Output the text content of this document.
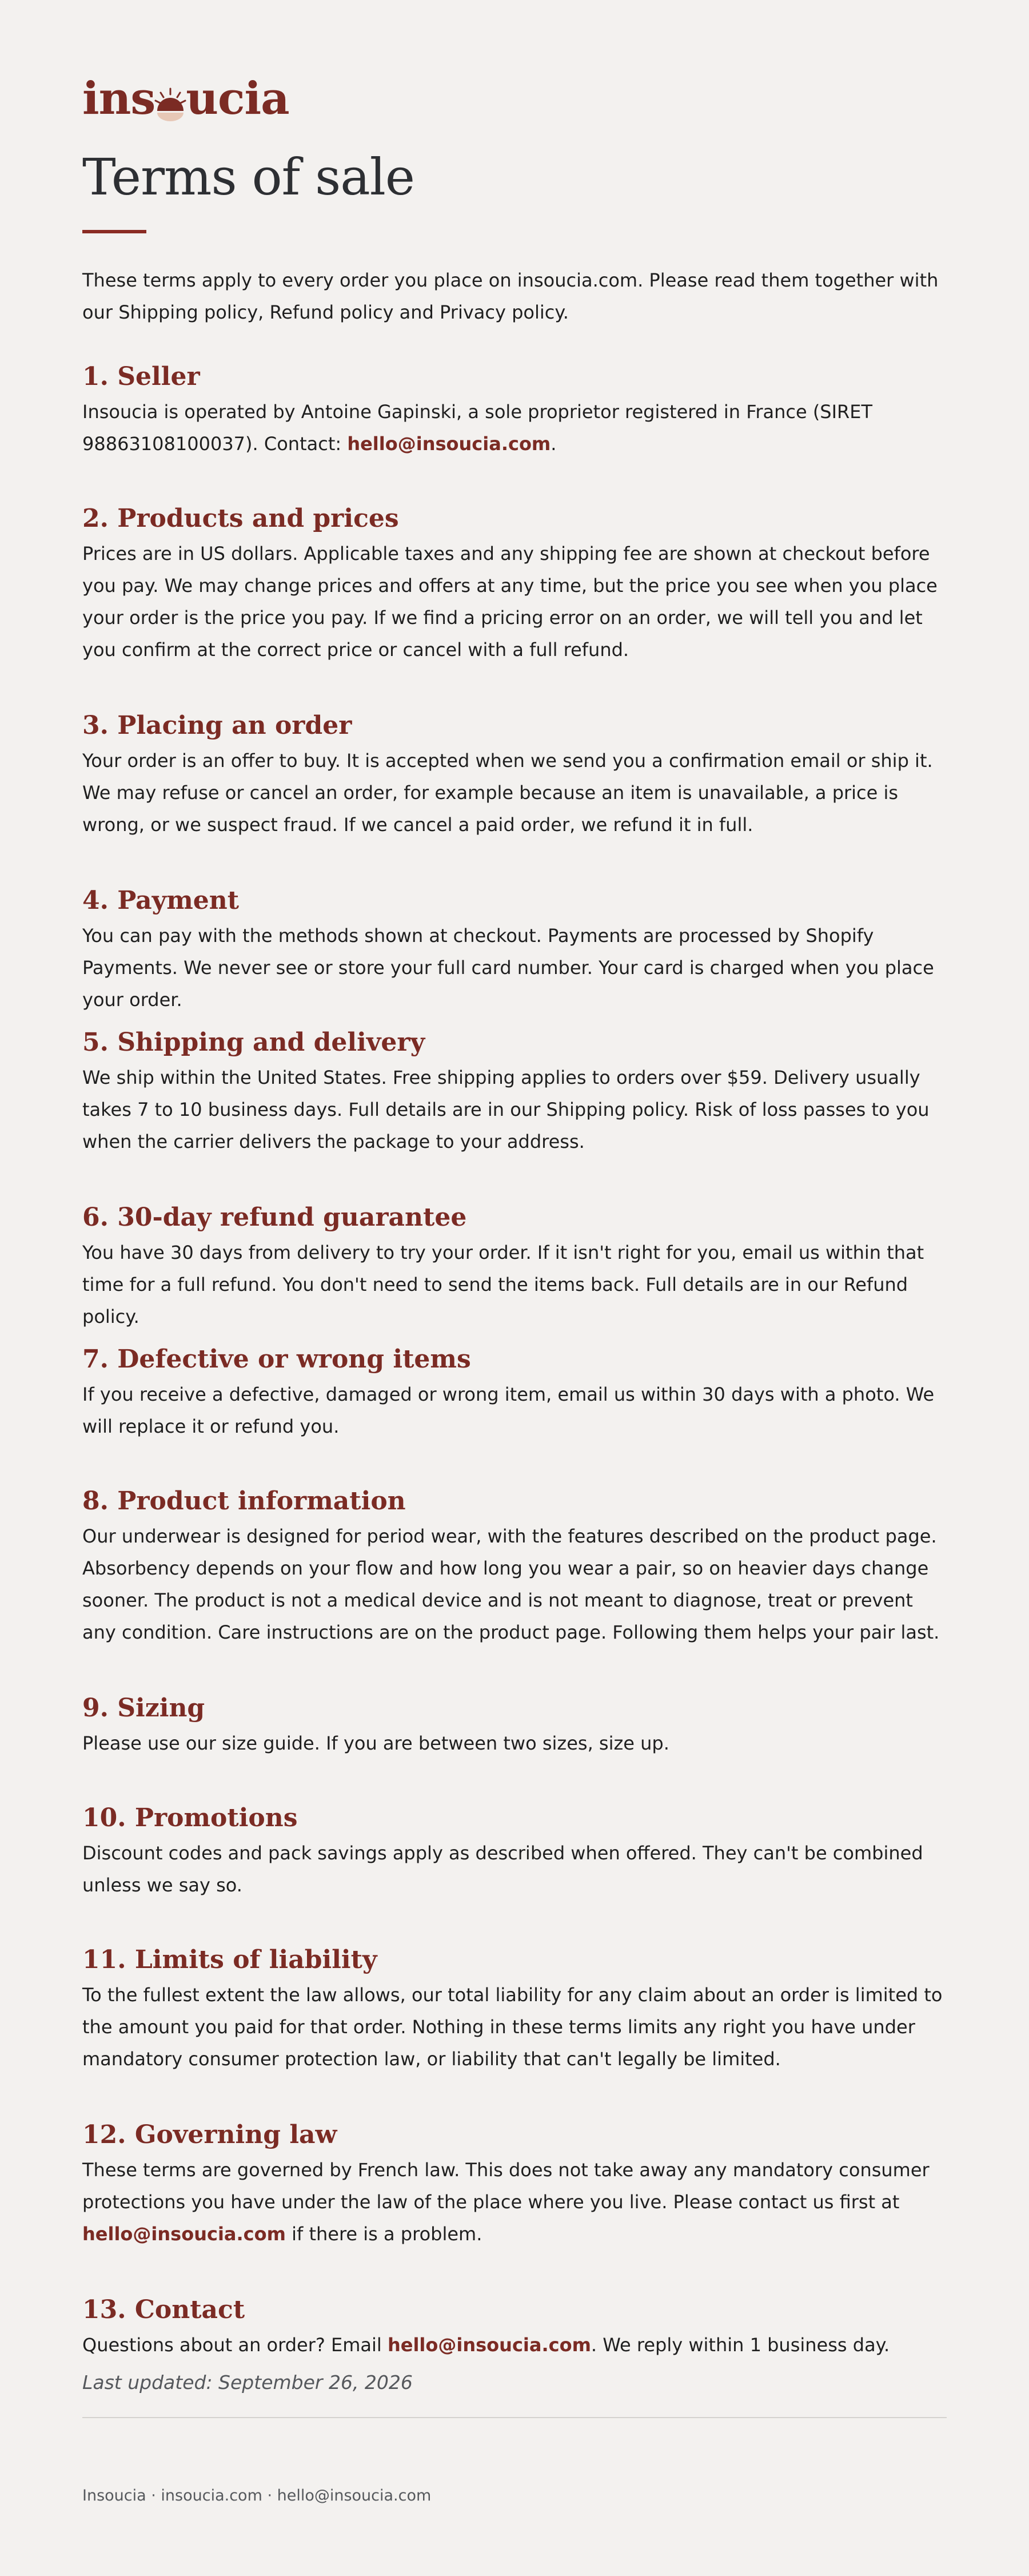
ins ucia
Terms of sale

These terms apply to every order you place on insoucia.com. Please read them together with our Shipping policy, Refund policy and Privacy policy.

1. Seller

Insoucia is operated by Antoine Gapinski, a sole proprietor registered in France (SIRET 98863108100037). Contact: hello@insoucia.com.

2. Products and prices

Prices are in US dollars. Applicable taxes and any shipping fee are shown at checkout before you pay. We may change prices and offers at any time, but the price you see when you place your order is the price you pay. If we find a pricing error on an order, we will tell you and let you confirm at the correct price or cancel with a full refund.

3. Placing an order

Your order is an offer to buy. It is accepted when we send you a confirmation email or ship it. We may refuse or cancel an order, for example because an item is unavailable, a price is wrong, or we suspect fraud. If we cancel a paid order, we refund it in full.

4. Payment

You can pay with the methods shown at checkout. Payments are processed by Shopify Payments. We never see or store your full card number. Your card is charged when you place your order.

5. Shipping and delivery

We ship within the United States. Free shipping applies to orders over $59. Delivery usually takes 7 to 10 business days. Full details are in our Shipping policy. Risk of loss passes to you when the carrier delivers the package to your address.

6. 30-day refund guarantee

You have 30 days from delivery to try your order. If it isn't right for you, email us within that time for a full refund. You don't need to send the items back. Full details are in our Refund policy.

7. Defective or wrong items

If you receive a defective, damaged or wrong item, email us within 30 days with a photo. We will replace it or refund you.

8. Product information

Our underwear is designed for period wear, with the features described on the product page. Absorbency depends on your flow and how long you wear a pair, so on heavier days change sooner. The product is not a medical device and is not meant to diagnose, treat or prevent any condition. Care instructions are on the product page. Following them helps your pair last.

9. Sizing

Please use our size guide. If you are between two sizes, size up.

10. Promotions

Discount codes and pack savings apply as described when offered. They can't be combined unless we say so.

11. Limits of liability

To the fullest extent the law allows, our total liability for any claim about an order is limited to the amount you paid for that order. Nothing in these terms limits any right you have under mandatory consumer protection law, or liability that can't legally be limited.

12. Governing law

These terms are governed by French law. This does not take away any mandatory consumer protections you have under the law of the place where you live. Please contact us first at hello@insoucia.com if there is a problem.

13. Contact

Questions about an order? Email hello@insoucia.com. We reply within 1 business day.

Last updated: September 26, 2026

Insoucia · insoucia.com · hello@insoucia.com
